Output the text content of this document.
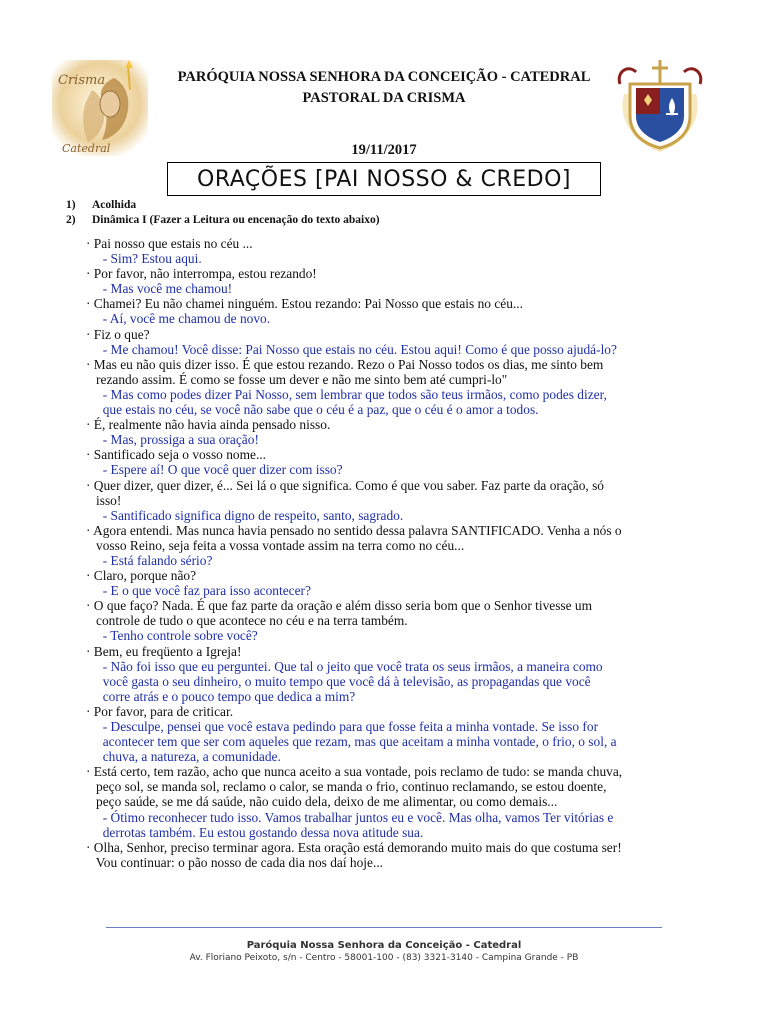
Crisma
Catedral
PARÓQUIA NOSSA SENHORA DA CONCEIÇÃO - CATEDRAL
PASTORAL DA CRISMA
19/11/2017
ORAÇÕES [PAI NOSSO & CREDO]
1) Acolhida
2) Dinâmica I (Fazer a Leitura ou encenação do texto abaixo)
· Pai nosso que estais no céu ...
- Sim? Estou aqui.
· Por favor, não interrompa, estou rezando!
- Mas você me chamou!
· Chamei? Eu não chamei ninguém. Estou rezando: Pai Nosso que estais no céu...
- Aí, você me chamou de novo.
· Fiz o que?
- Me chamou! Você disse: Pai Nosso que estais no céu. Estou aqui! Como é que posso ajudá-lo?
· Mas eu não quis dizer isso. É que estou rezando. Rezo o Pai Nosso todos os dias, me sinto bem
rezando assim. É como se fosse um dever e não me sinto bem até cumpri-lo"
- Mas como podes dizer Pai Nosso, sem lembrar que todos são teus irmãos, como podes dizer,
que estais no céu, se você não sabe que o céu é a paz, que o céu é o amor a todos.
· É, realmente não havia ainda pensado nisso.
- Mas, prossiga a sua oração!
· Santificado seja o vosso nome...
- Espere aí! O que você quer dizer com isso?
· Quer dizer, quer dizer, é... Sei lá o que significa. Como é que vou saber. Faz parte da oração, só
isso!
- Santificado significa digno de respeito, santo, sagrado.
· Agora entendi. Mas nunca havia pensado no sentido dessa palavra SANTIFICADO. Venha a nós o
vosso Reino, seja feita a vossa vontade assim na terra como no céu...
- Está falando sério?
· Claro, porque não?
- E o que você faz para isso acontecer?
· O que faço? Nada. É que faz parte da oração e além disso seria bom que o Senhor tivesse um
controle de tudo o que acontece no céu e na terra também.
- Tenho controle sobre você?
· Bem, eu freqüento a Igreja!
- Não foi isso que eu perguntei. Que tal o jeito que você trata os seus irmãos, a maneira como
você gasta o seu dinheiro, o muito tempo que você dá à televisão, as propagandas que você
corre atrás e o pouco tempo que dedica a mim?
· Por favor, para de criticar.
- Desculpe, pensei que você estava pedindo para que fosse feita a minha vontade. Se isso for
acontecer tem que ser com aqueles que rezam, mas que aceitam a minha vontade, o frio, o sol, a
chuva, a natureza, a comunidade.
· Está certo, tem razão, acho que nunca aceito a sua vontade, pois reclamo de tudo: se manda chuva,
peço sol, se manda sol, reclamo o calor, se manda o frio, continuo reclamando, se estou doente,
peço saúde, se me dá saúde, não cuido dela, deixo de me alimentar, ou como demais...
- Ótimo reconhecer tudo isso. Vamos trabalhar juntos eu e você. Mas olha, vamos Ter vitórias e
derrotas também. Eu estou gostando dessa nova atitude sua.
· Olha, Senhor, preciso terminar agora. Esta oração está demorando muito mais do que costuma ser!
Vou continuar: o pão nosso de cada dia nos daí hoje...
Paróquia Nossa Senhora da Conceição - Catedral
Av. Floriano Peixoto, s/n - Centro - 58001-100 - (83) 3321-3140 - Campina Grande - PB
